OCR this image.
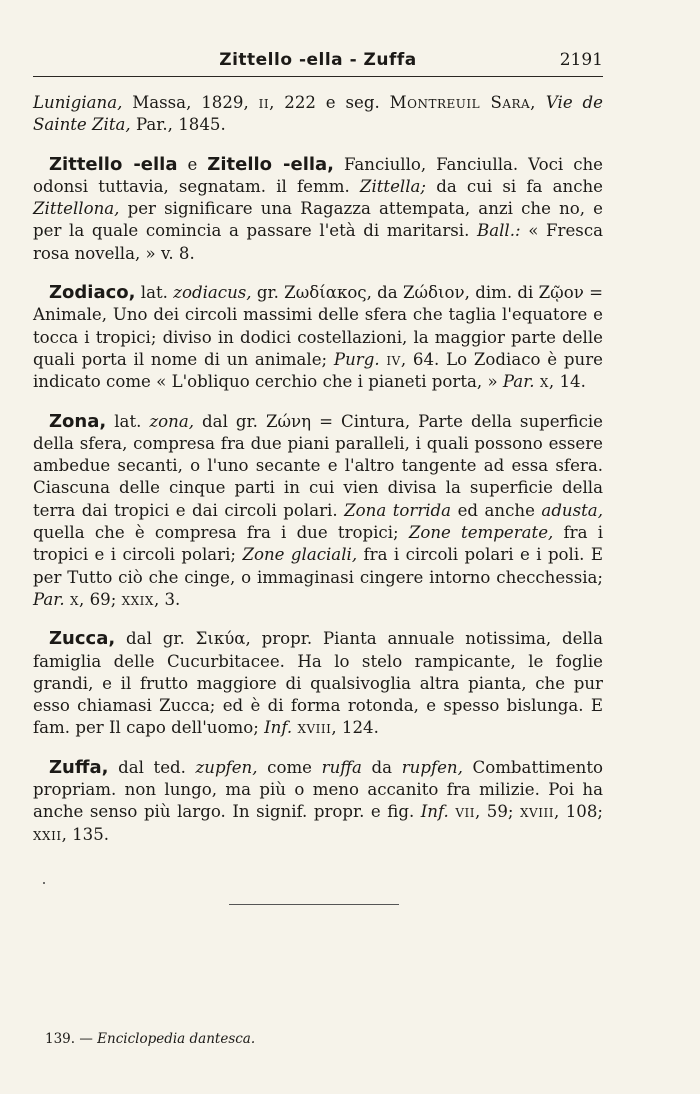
Zittello -ella - Zuffa	2191

Lunigiana, Massa, 1829, ii, 222 e seg. Montreuil Sara, Vie de Sainte Zita, Par., 1845.

Zittello -ella e Zitello -ella, Fanciullo, Fanciulla. Voci che odonsi tuttavia, segnatam. il femm. Zittella; da cui si fa anche Zittellona, per significare una Ragazza attempata, anzi che no, e per la quale comincia a passare l'età di maritarsi. Ball.: « Fresca rosa novella, » v. 8.

Zodiaco, lat. zodiacus, gr. Ζωδίακος, da Ζώδιον, dim. di Ζῷον = Animale, Uno dei circoli massimi delle sfera che taglia l'equatore e tocca i tropici; diviso in dodici costellazioni, la maggior parte delle quali porta il nome di un animale; Purg. iv, 64. Lo Zodiaco è pure indicato come « L'obliquo cerchio che i pianeti porta, » Par. x, 14.

Zona, lat. zona, dal gr. Ζώνη = Cintura, Parte della superficie della sfera, compresa fra due piani paralleli, i quali possono essere ambedue secanti, o l'uno secante e l'altro tangente ad essa sfera. Ciascuna delle cinque parti in cui vien divisa la superficie della terra dai tropici e dai circoli polari. Zona torrida ed anche adusta, quella che è compresa fra i due tropici; Zone temperate, fra i tropici e i circoli polari; Zone glaciali, fra i circoli polari e i poli. E per Tutto ciò che cinge, o immaginasi cingere intorno checchessia; Par. x, 69; xxix, 3.

Zucca, dal gr. Σικύα, propr. Pianta annuale notissima, della famiglia delle Cucurbitacee. Ha lo stelo rampicante, le foglie grandi, e il frutto maggiore di qualsivoglia altra pianta, che pur esso chiamasi Zucca; ed è di forma rotonda, e spesso bislunga. E fam. per Il capo dell'uomo; Inf. xviii, 124.

Zuffa, dal ted. zupfen, come ruffa da rupfen, Combattimento propriam. non lungo, ma più o meno accanito fra milizie. Poi ha anche senso più largo. In signif. propr. e fig. Inf. vii, 59; xviii, 108; xxii, 135.

139. — Enciclopedia dantesca.
